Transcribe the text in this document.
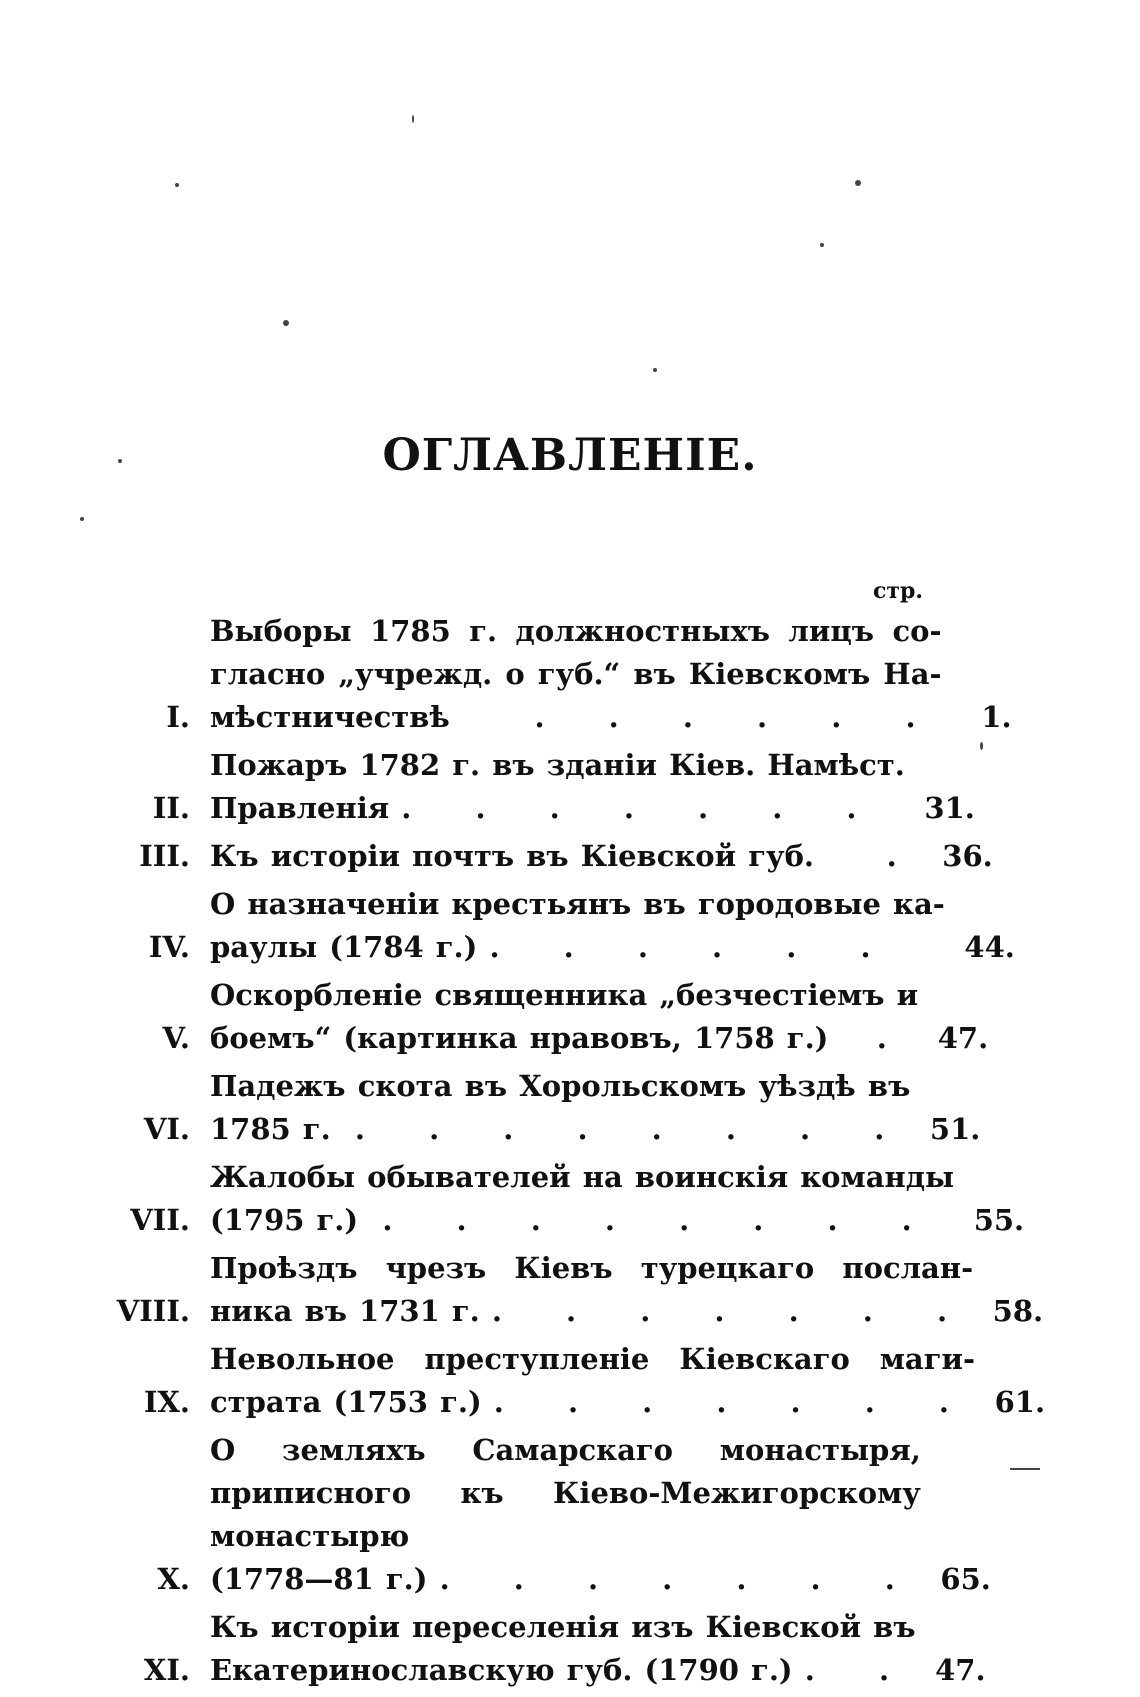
ОГЛАВЛЕНІЕ.
стр.
I.
Выборы 1785 г. должностныхъ лицъ со-
гласно „учрежд. о губ.“ въ Кіевскомъ На-
мѣстничествѣ	. . . . . .	1.
II.
Пожаръ 1782 г. въ зданіи Кіев. Намѣст.
Правленія . . . . . . .	31.
III. Къ исторіи почтъ въ Кіевской губ.	. 36.
IV.
О назначеніи крестьянъ въ городовые ка-
раулы (1784 г.) . . . . . .	44.
V.
Оскорбленіе священника „безчестіемъ и
боемъ“ (картинка нравовъ, 1758 г.) . 47.
VI.
Падежъ скота въ Хорольскомъ уѣздѣ въ
1785 г. . . . . . . . . 51.
VII.
Жалобы обывателей на воинскія команды
(1795 г.) . . . . . . . .	55.
VIII.
Проѣздъ чрезъ Кіевъ турецкаго послан-
ника въ 1731 г. . . . . . . . 58.
IX.
Невольное преступленіе Кіевскаго маги-
страта (1753 г.) . . . . . . . 61.
X.
О земляхъ Самарскаго монастыря, приписного къ Кіево-Межигорскому монастырю
(1778—81 г.) . . . . . . . 65.
XI.
Къ исторіи переселенія изъ Кіевской въ
Екатеринославскую губ. (1790 г.) . . 47.
